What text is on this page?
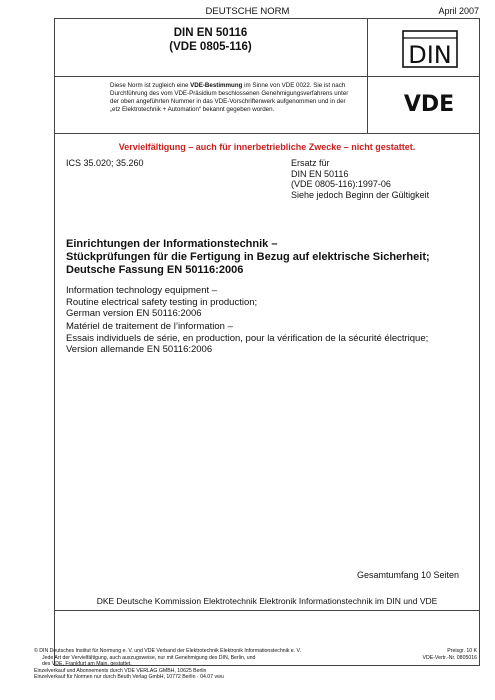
DEUTSCHE NORM	April 2007
DIN EN 50116
(VDE 0805-116)	DIN
VDE
Diese Norm ist zugleich eine VDE-Bestimmung im Sinne von VDE 0022. Sie ist nach
Durchführung des vom VDE-Präsidium beschlossenen Genehmigungsverfahrens unter
der oben angeführten Nummer in das VDE-Vorschriftenwerk aufgenommen und in der
„etz Elektrotechnik + Automation“ bekannt gegeben worden.
Vervielfältigung – auch für innerbetriebliche Zwecke – nicht gestattet.
ICS 35.020; 35.260	Ersatz für
DIN EN 50116
(VDE 0805-116):1997-06
Siehe jedoch Beginn der Gültigkeit
Einrichtungen der Informationstechnik –
Stückprüfungen für die Fertigung in Bezug auf elektrische Sicherheit;
Deutsche Fassung EN 50116:2006
Information technology equipment –
Routine electrical safety testing in production;
German version EN 50116:2006
Matériel de traitement de l’information –
Essais individuels de série, en production, pour la vérification de la sécurité électrique;
Version allemande EN 50116:2006
Gesamtumfang 10 Seiten
DKE Deutsche Kommission Elektrotechnik Elektronik Informationstechnik im DIN und VDE
© DIN Deutsches Institut für Normung e. V. und VDE Verband der Elektrotechnik Elektronik Informationstechnik e. V.
Jede Art der Vervielfältigung, auch auszugsweise, nur mit Genehmigung des DIN, Berlin, und
des VDE, Frankfurt am Main, gestattet.
Einzelverkauf und Abonnements durch VDE VERLAG GMBH, 10625 Berlin
Einzelverkauf für Normen nur durch Beuth Verlag GmbH, 10772 Berlin · 04.07 vwu
Preisgr. 10 K
VDE-Vertr.-Nr. 0805016
